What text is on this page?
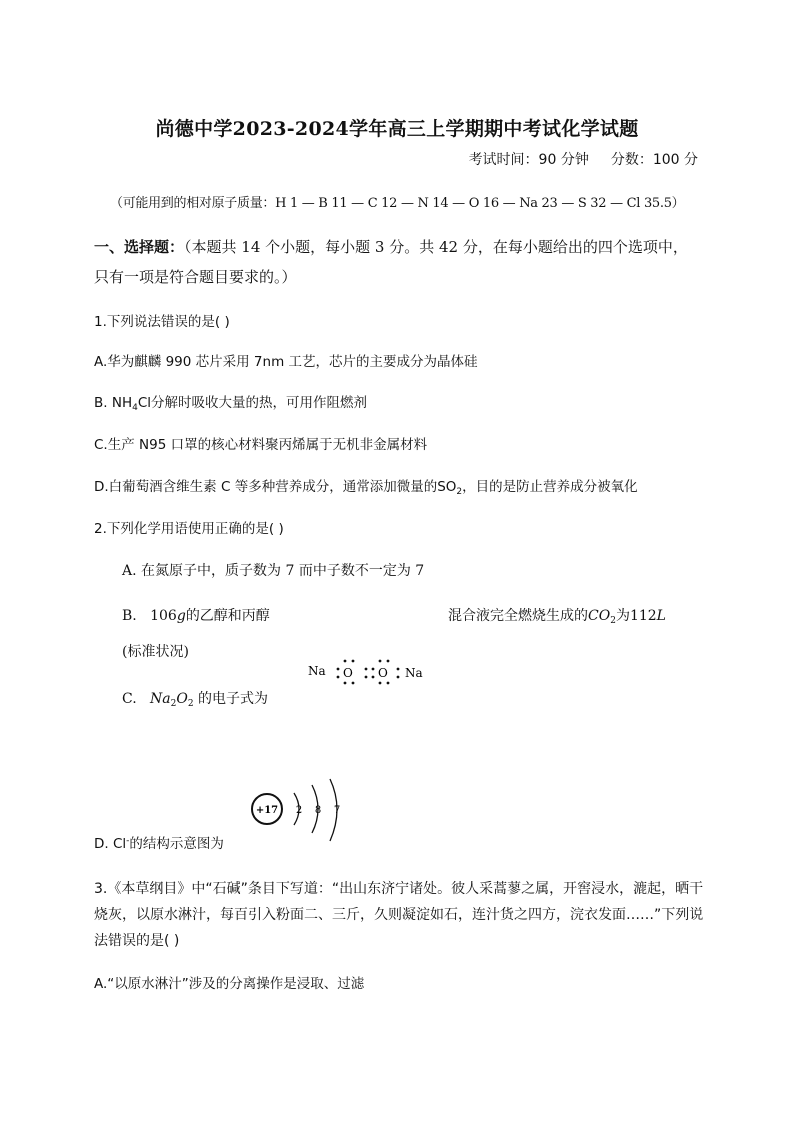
尚德中学2023-2024学年高三上学期期中考试化学试题
考试时间：90 分钟 分数：100 分
（可能用到的相对原子质量：H 1 — B 11 — C 12 — N 14 — O 16 — Na 23 — S 32 — Cl 35.5）
一、选择题：（本题共 14 个小题，每小题 3 分。共 42 分，在每小题给出的四个选项中，只有一项是符合题目要求的。）
1.下列说法错误的是( )
A.华为麒麟 990 芯片采用 7nm 工艺，芯片的主要成分为晶体硅
B. $NH_4Cl$分解时吸收大量的热，可用作阻燃剂
C.生产 N95 口罩的核心材料聚丙烯属于无机非金属材料
D.白葡萄酒含维生素 C 等多种营养成分，通常添加微量的$SO_2$，目的是防止营养成分被氧化
2.下列化学用语使用正确的是( )
A. 在氮原子中，质子数为 7 而中子数不一定为 7
B. 106g的乙醇和丙醇	混合液完全燃烧生成的$CO_2$为112L
(标准状况)
Na O O Na
C. $Na_2O_2$ 的电子式为
+17 2 8 7
D. Cl-的结构示意图为
3.《本草纲目》中“石碱”条目下写道：“出山东济宁诸处。彼人采蒿蓼之属，开窖浸水，漉起，晒干烧灰，以原水淋汁，每百引入粉面二、三斤，久则凝淀如石，连汁货之四方，浣衣发面……”下列说法错误的是( )
A.“以原水淋汁”涉及的分离操作是浸取、过滤
